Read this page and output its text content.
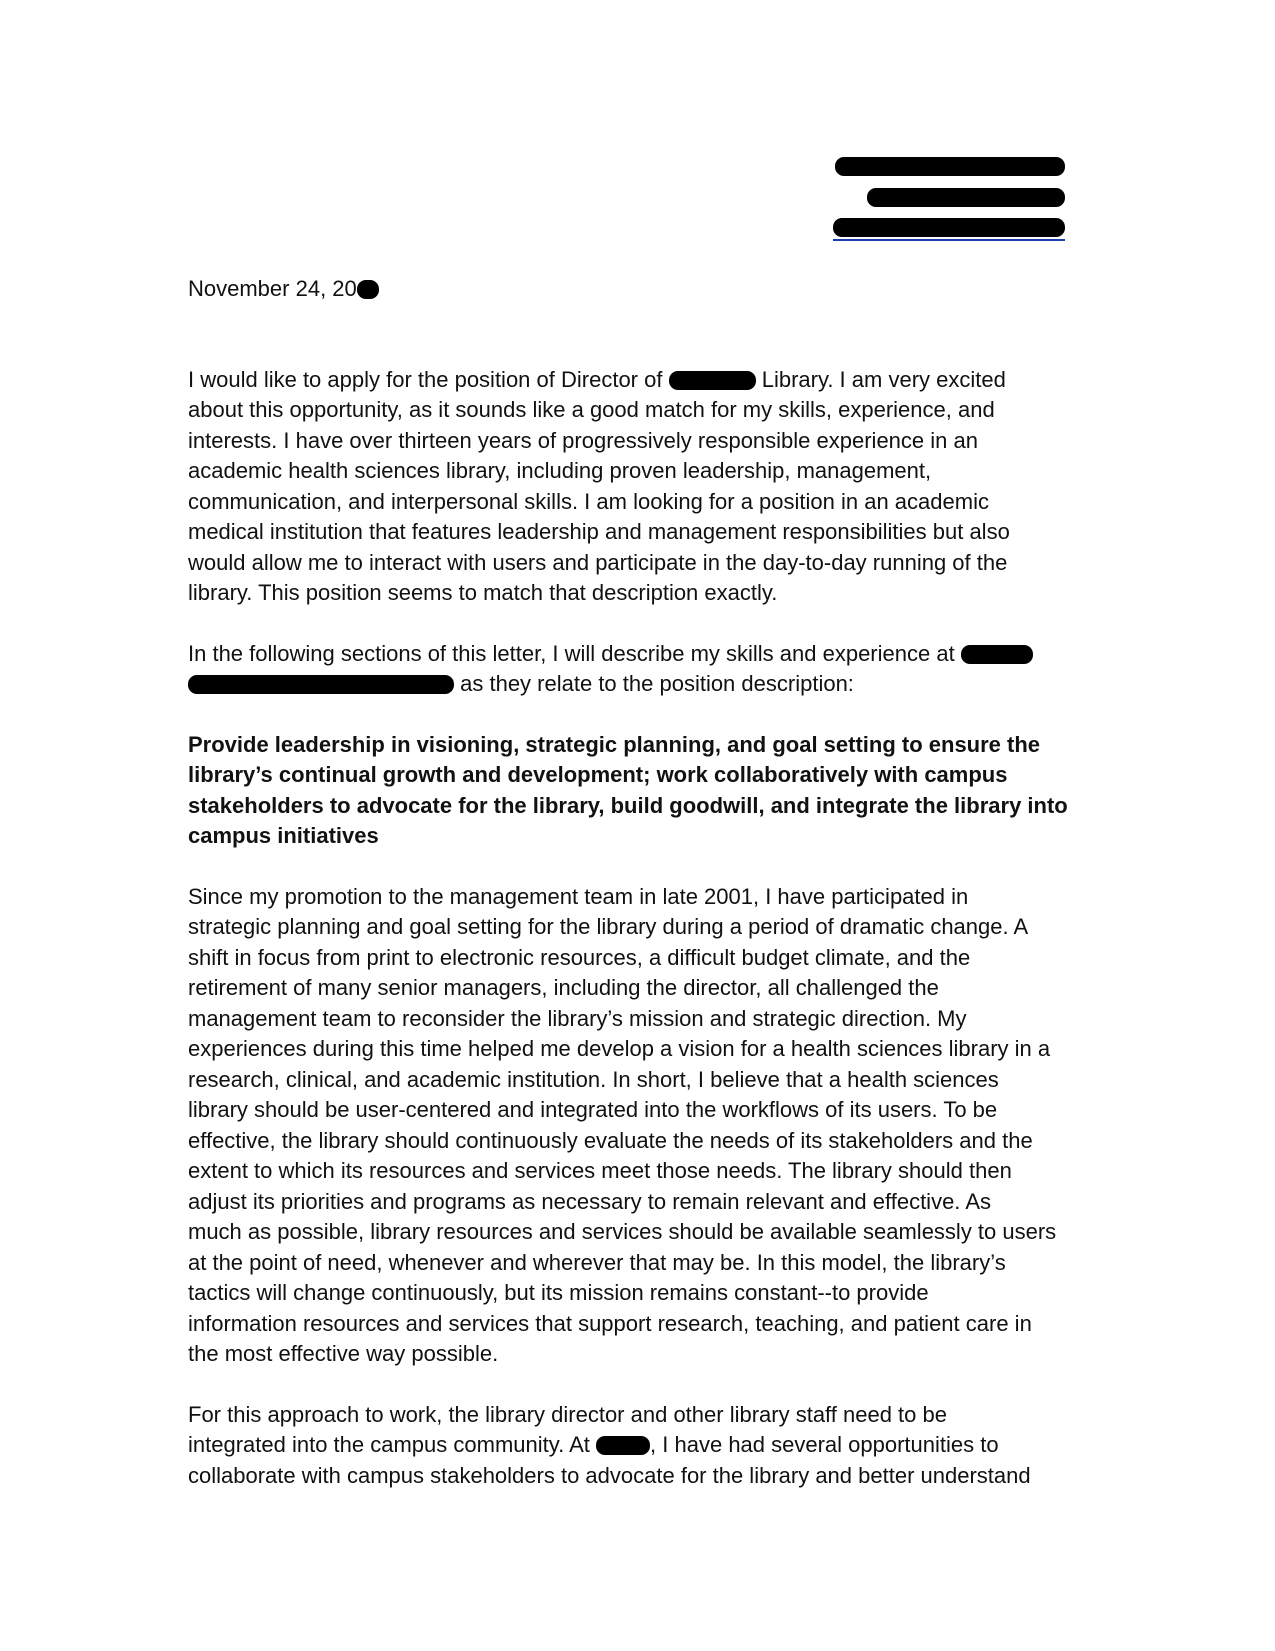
November 24, 20
I would like to apply for the position of Director of	Library. I am very excited
about this opportunity, as it sounds like a good match for my skills, experience, and
interests. I have over thirteen years of progressively responsible experience in an
academic health sciences library, including proven leadership, management,
communication, and interpersonal skills. I am looking for a position in an academic
medical institution that features leadership and management responsibilities but also
would allow me to interact with users and participate in the day-to-day running of the
library. This position seems to match that description exactly.
In the following sections of this letter, I will describe my skills and experience at
as they relate to the position description:
Provide leadership in visioning, strategic planning, and goal setting to ensure the
library’s continual growth and development; work collaboratively with campus
stakeholders to advocate for the library, build goodwill, and integrate the library into
campus initiatives
Since my promotion to the management team in late 2001, I have participated in
strategic planning and goal setting for the library during a period of dramatic change. A
shift in focus from print to electronic resources, a difficult budget climate, and the
retirement of many senior managers, including the director, all challenged the
management team to reconsider the library’s mission and strategic direction. My
experiences during this time helped me develop a vision for a health sciences library in a
research, clinical, and academic institution. In short, I believe that a health sciences
library should be user-centered and integrated into the workflows of its users. To be
effective, the library should continuously evaluate the needs of its stakeholders and the
extent to which its resources and services meet those needs. The library should then
adjust its priorities and programs as necessary to remain relevant and effective. As
much as possible, library resources and services should be available seamlessly to users
at the point of need, whenever and wherever that may be. In this model, the library’s
tactics will change continuously, but its mission remains constant--to provide
information resources and services that support research, teaching, and patient care in
the most effective way possible.
For this approach to work, the library director and other library staff need to be
integrated into the campus community. At	, I have had several opportunities to
collaborate with campus stakeholders to advocate for the library and better understand
